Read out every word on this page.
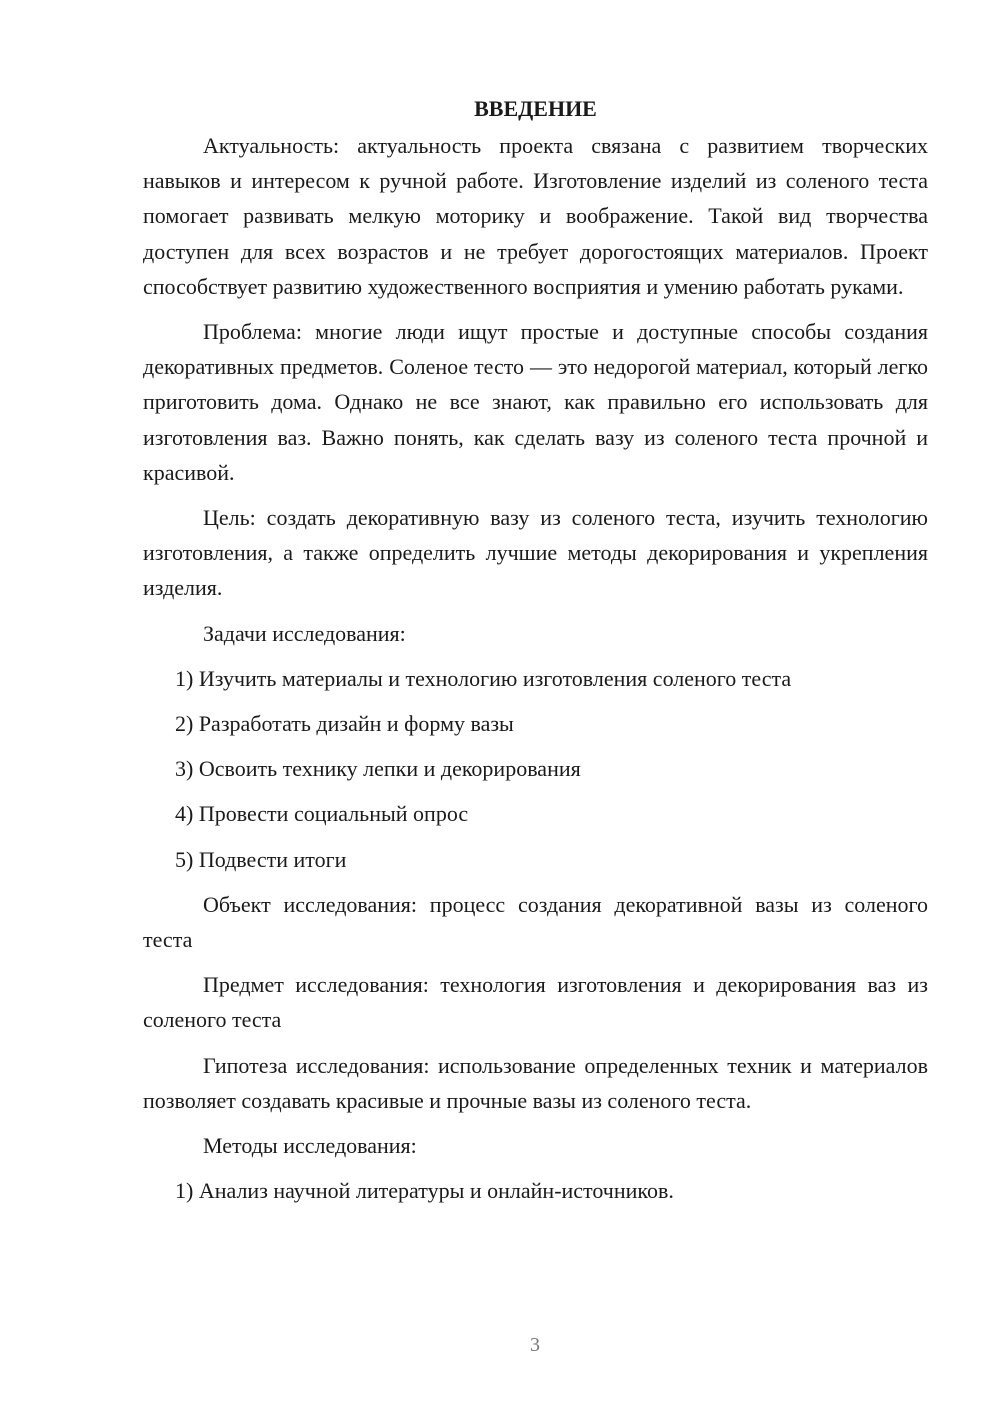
ВВЕДЕНИЕ

Актуальность: актуальность проекта связана с развитием творческих навыков и интересом к ручной работе. Изготовление изделий из соленого теста помогает развивать мелкую моторику и воображение. Такой вид творчества доступен для всех возрастов и не требует дорогостоящих материалов. Проект способствует развитию художественного восприятия и умению работать руками.

Проблема: многие люди ищут простые и доступные способы создания декоративных предметов. Соленое тесто — это недорогой материал, который легко приготовить дома. Однако не все знают, как правильно его использовать для изготовления ваз. Важно понять, как сделать вазу из соленого теста прочной и красивой.

Цель: создать декоративную вазу из соленого теста, изучить технологию изготовления, а также определить лучшие методы декорирования и укрепления изделия.

Задачи исследования:

1) Изучить материалы и технологию изготовления соленого теста

2) Разработать дизайн и форму вазы

3) Освоить технику лепки и декорирования

4) Провести социальный опрос

5) Подвести итоги

Объект исследования: процесс создания декоративной вазы из соленого теста

Предмет исследования: технология изготовления и декорирования ваз из соленого теста

Гипотеза исследования: использование определенных техник и материалов позволяет создавать красивые и прочные вазы из соленого теста.

Методы исследования:

1) Анализ научной литературы и онлайн-источников.

3
